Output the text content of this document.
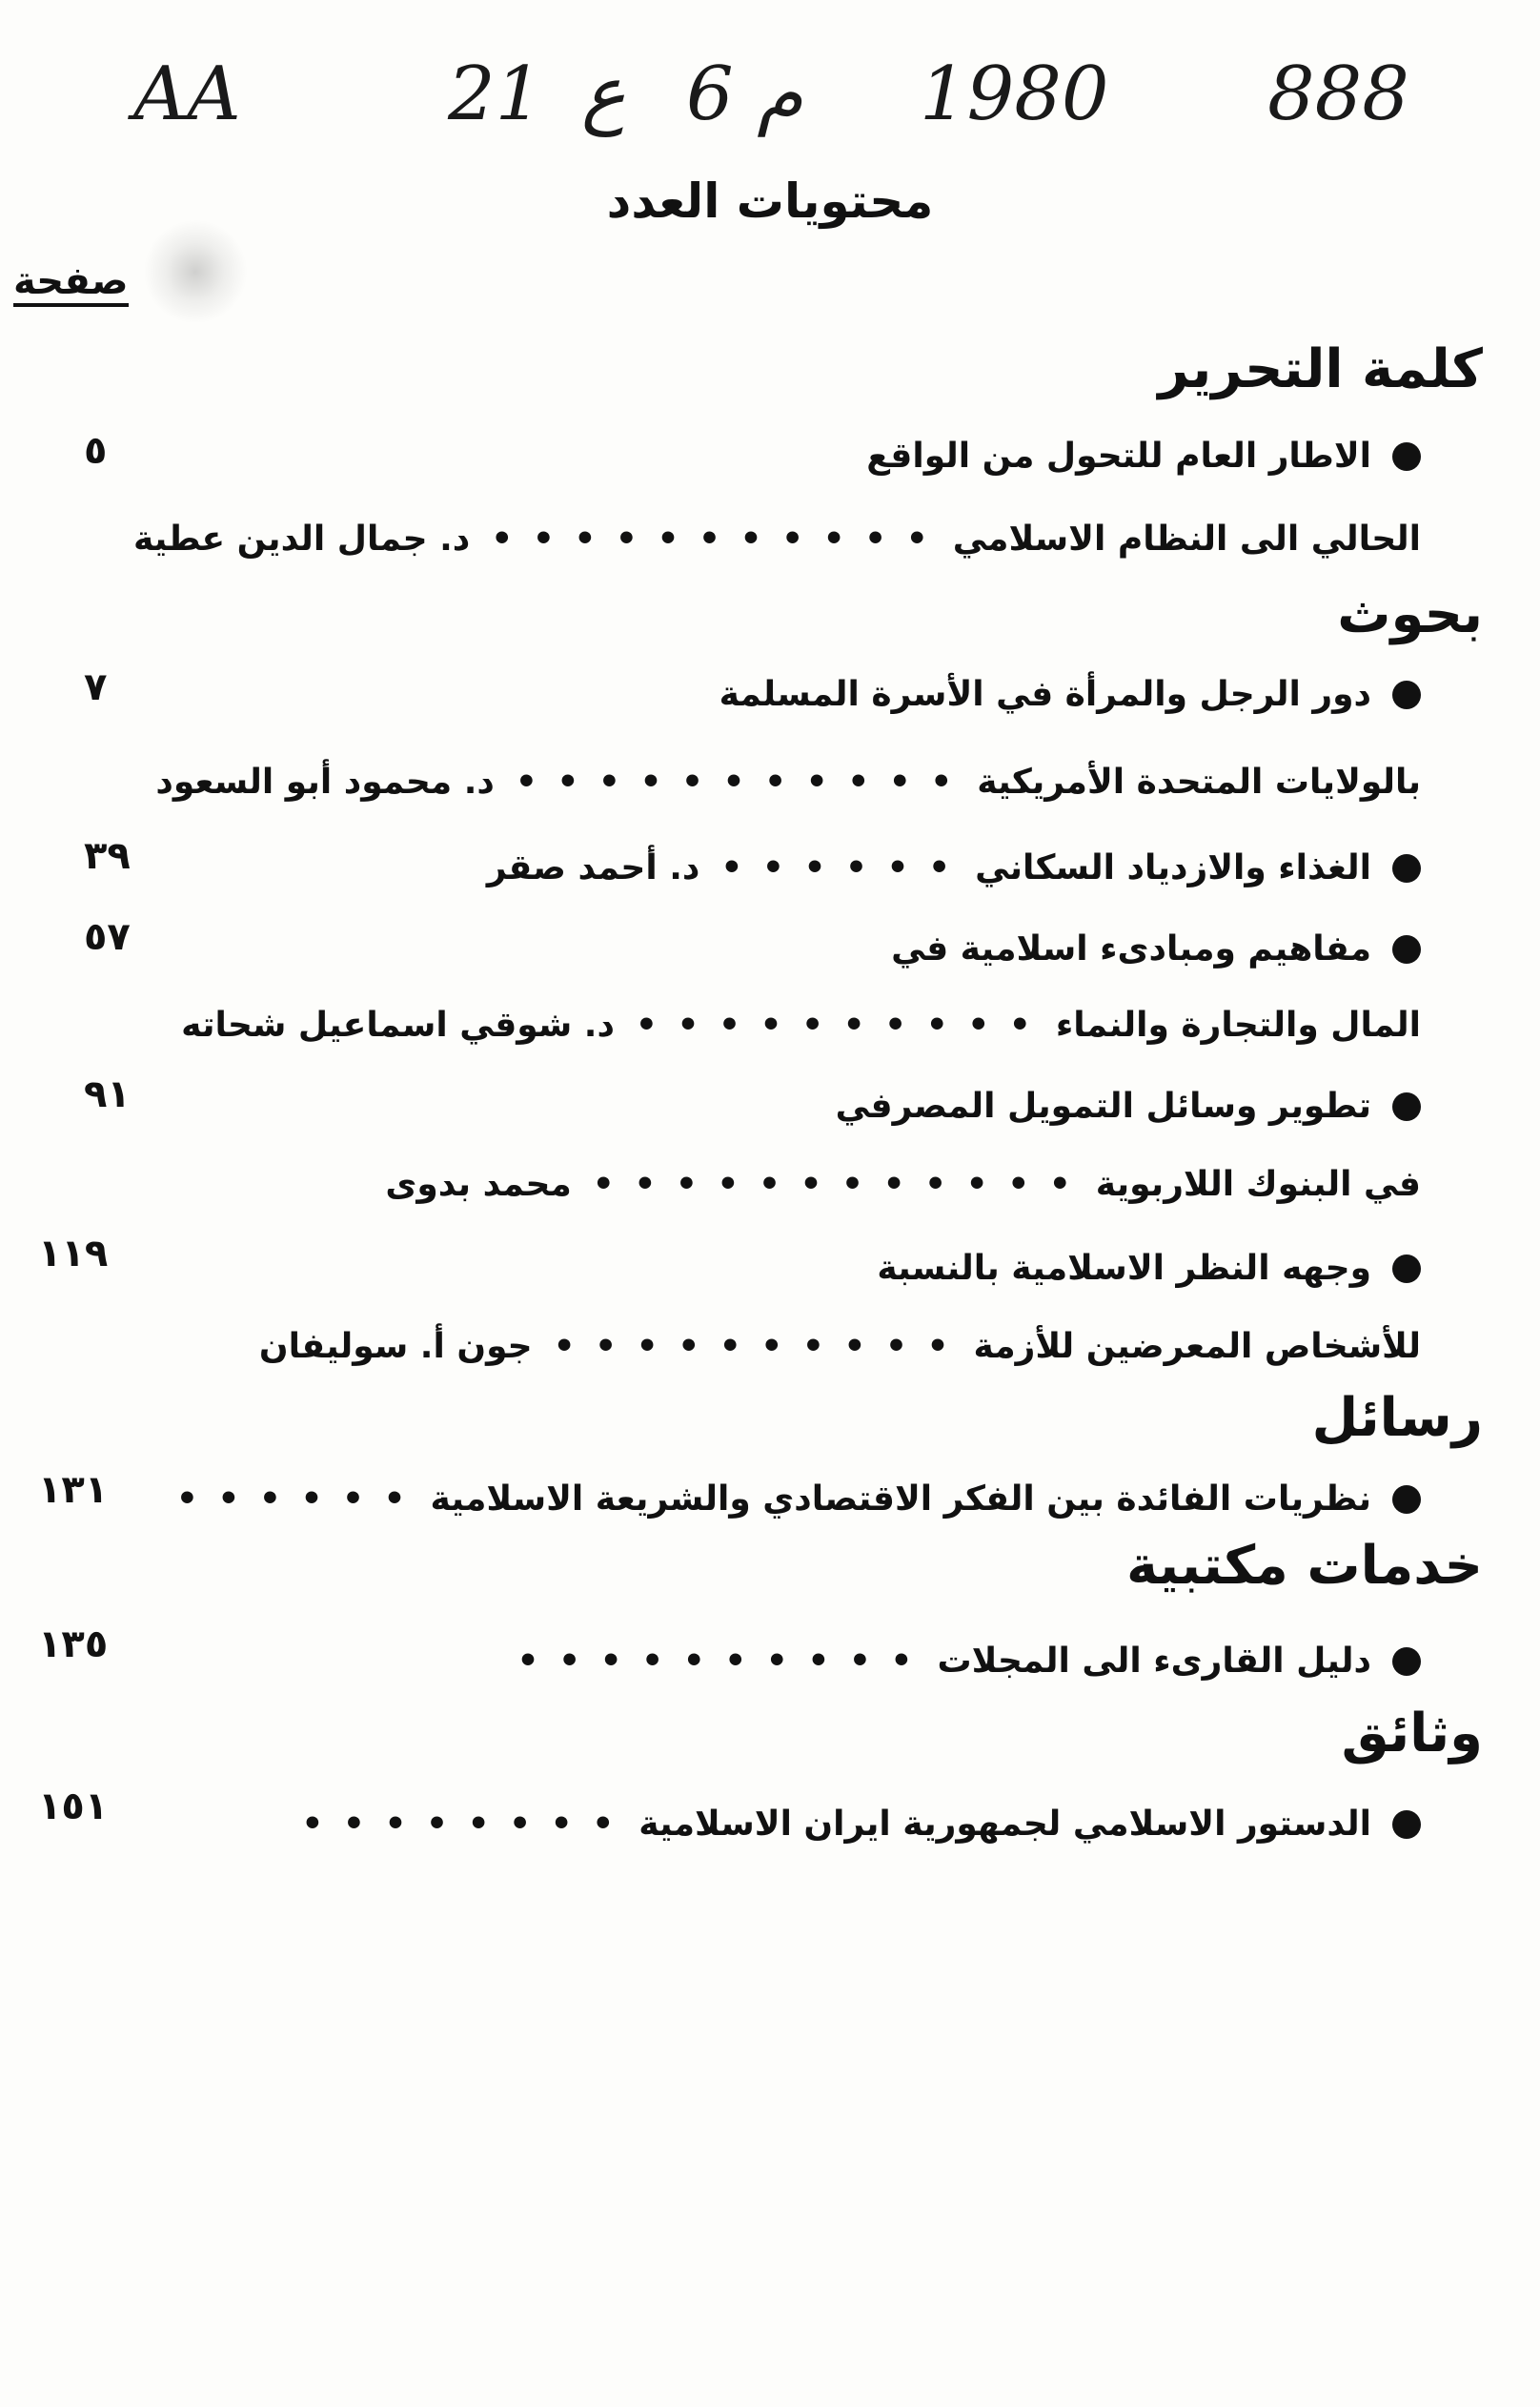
AA	21 ع 6 م 1980 888
محتويات العدد
صفحة
كلمة التحرير
الاطار العام للتحول من الواقع
٥
الحالي الى النظام الاسلامي
• • • • • • • • • • •
د. جمال الدين عطية
بحوث
دور الرجل والمرأة في الأسرة المسلمة
٧
بالولايات المتحدة الأمريكية
• • • • • • • • • • •
د. محمود أبو السعود
الغذاء والازدياد السكاني
• • • • • •
د. أحمد صقر
٣٩
مفاهيم ومبادىء اسلامية في
٥٧
المال والتجارة والنماء
• • • • • • • • • •
د. شوقي اسماعيل شحاته
تطوير وسائل التمويل المصرفي
٩١
في البنوك اللاربوية
• • • • • • • • • • • •
محمد بدوى
وجهه النظر الاسلامية بالنسبة
١١٩
للأشخاص المعرضين للأزمة
• • • • • • • • • •
جون أ. سوليفان
رسائل
نظريات الفائدة بين الفكر الاقتصادي والشريعة الاسلامية
• • • • • •
١٣١
خدمات مكتبية
دليل القارىء الى المجلات
• • • • • • • • • •
١٣٥
وثائق
الدستور الاسلامي لجمهورية ايران الاسلامية
• • • • • • • •
١٥١
